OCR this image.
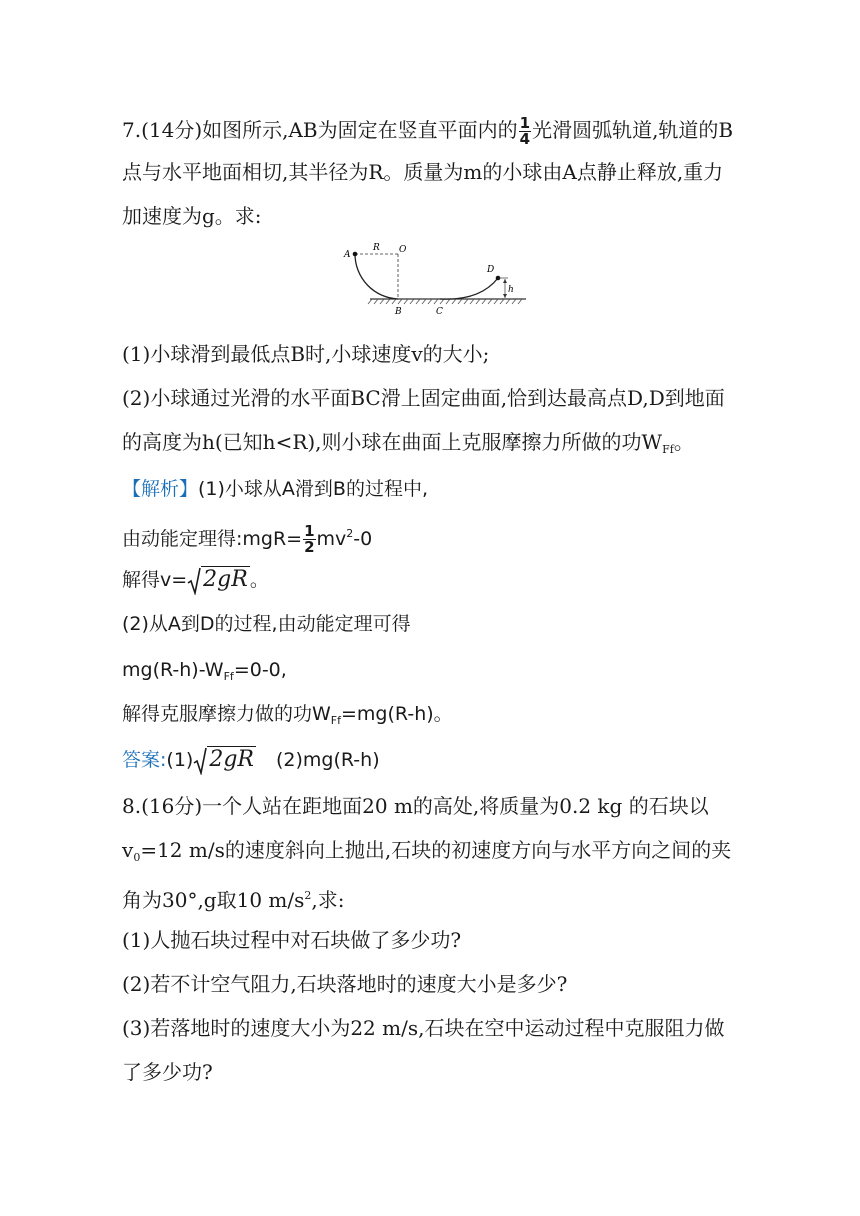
7.(14分)如图所示,AB为固定在竖直平面内的 $\frac{1}{4}$ 光滑圆弧轨道,轨道的B
点与水平地面相切,其半径为R。质量为m的小球由A点静止释放,重力
加速度为g。求:
A
R O
D
h
B	C
(1)小球滑到最低点B时,小球速度v的大小;
(2)小球通过光滑的水平面BC滑上固定曲面,恰到达最高点D,D到地面
的高度为h(已知h<R),则小球在曲面上克服摩擦力所做的功$W_{Ff}$。
【解析】(1)小球从A滑到B的过程中,
由动能定理得:mgR= $\frac{1}{2} mv^2-0$
解得v= 2gR 。
(2)从A到D的过程,由动能定理可得
$mg(R-h)-W_{Ff}=0-0$,
解得克服摩擦力做的功$W_{Ff}=mg(R-h)$。
答案:(1) 2gR (2)mg(R-h)
8.(16分)一个人站在距地面20 m的高处,将质量为0.2 kg 的石块以
$v_0=12$ m/s的速度斜向上抛出,石块的初速度方向与水平方向之间的夹
角为30°,g取10 $m/s^2$,求:
(1)人抛石块过程中对石块做了多少功?
(2)若不计空气阻力,石块落地时的速度大小是多少?
(3)若落地时的速度大小为22 m/s,石块在空中运动过程中克服阻力做
了多少功?
